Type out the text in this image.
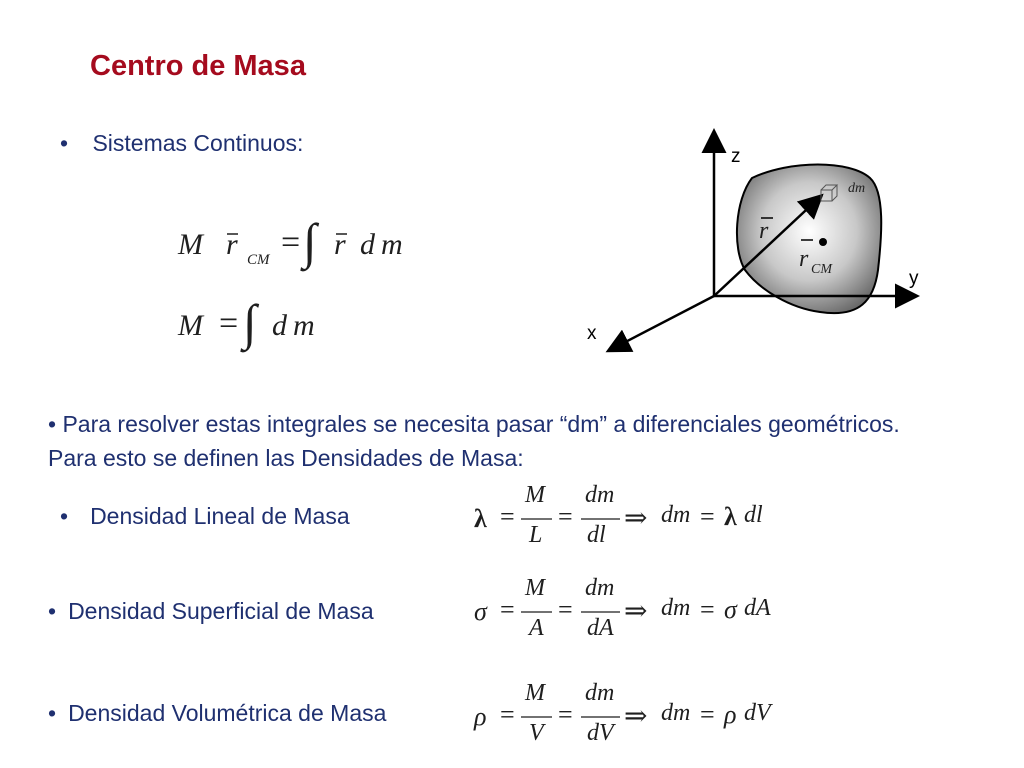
Centro de Masa
• Sistemas Continuos:
M r CM = ∫ r d m
M = ∫ d m
z
y
x
dm
r
r CM
• Para resolver estas integrales se necesita pasar “dm” a diferenciales geométricos. Para esto se definen las Densidades de Masa:
• Densidad Lineal de Masa	λ =
M
L
=
dm
dl
⇒ dm = λ dl
• Densidad Superficial de Masa	σ =
M
A
=
dm
dA
⇒ dm = σ dA
• Densidad Volumétrica de Masa	ρ =
M
V
=
dm
dV
⇒ dm = ρ dV
